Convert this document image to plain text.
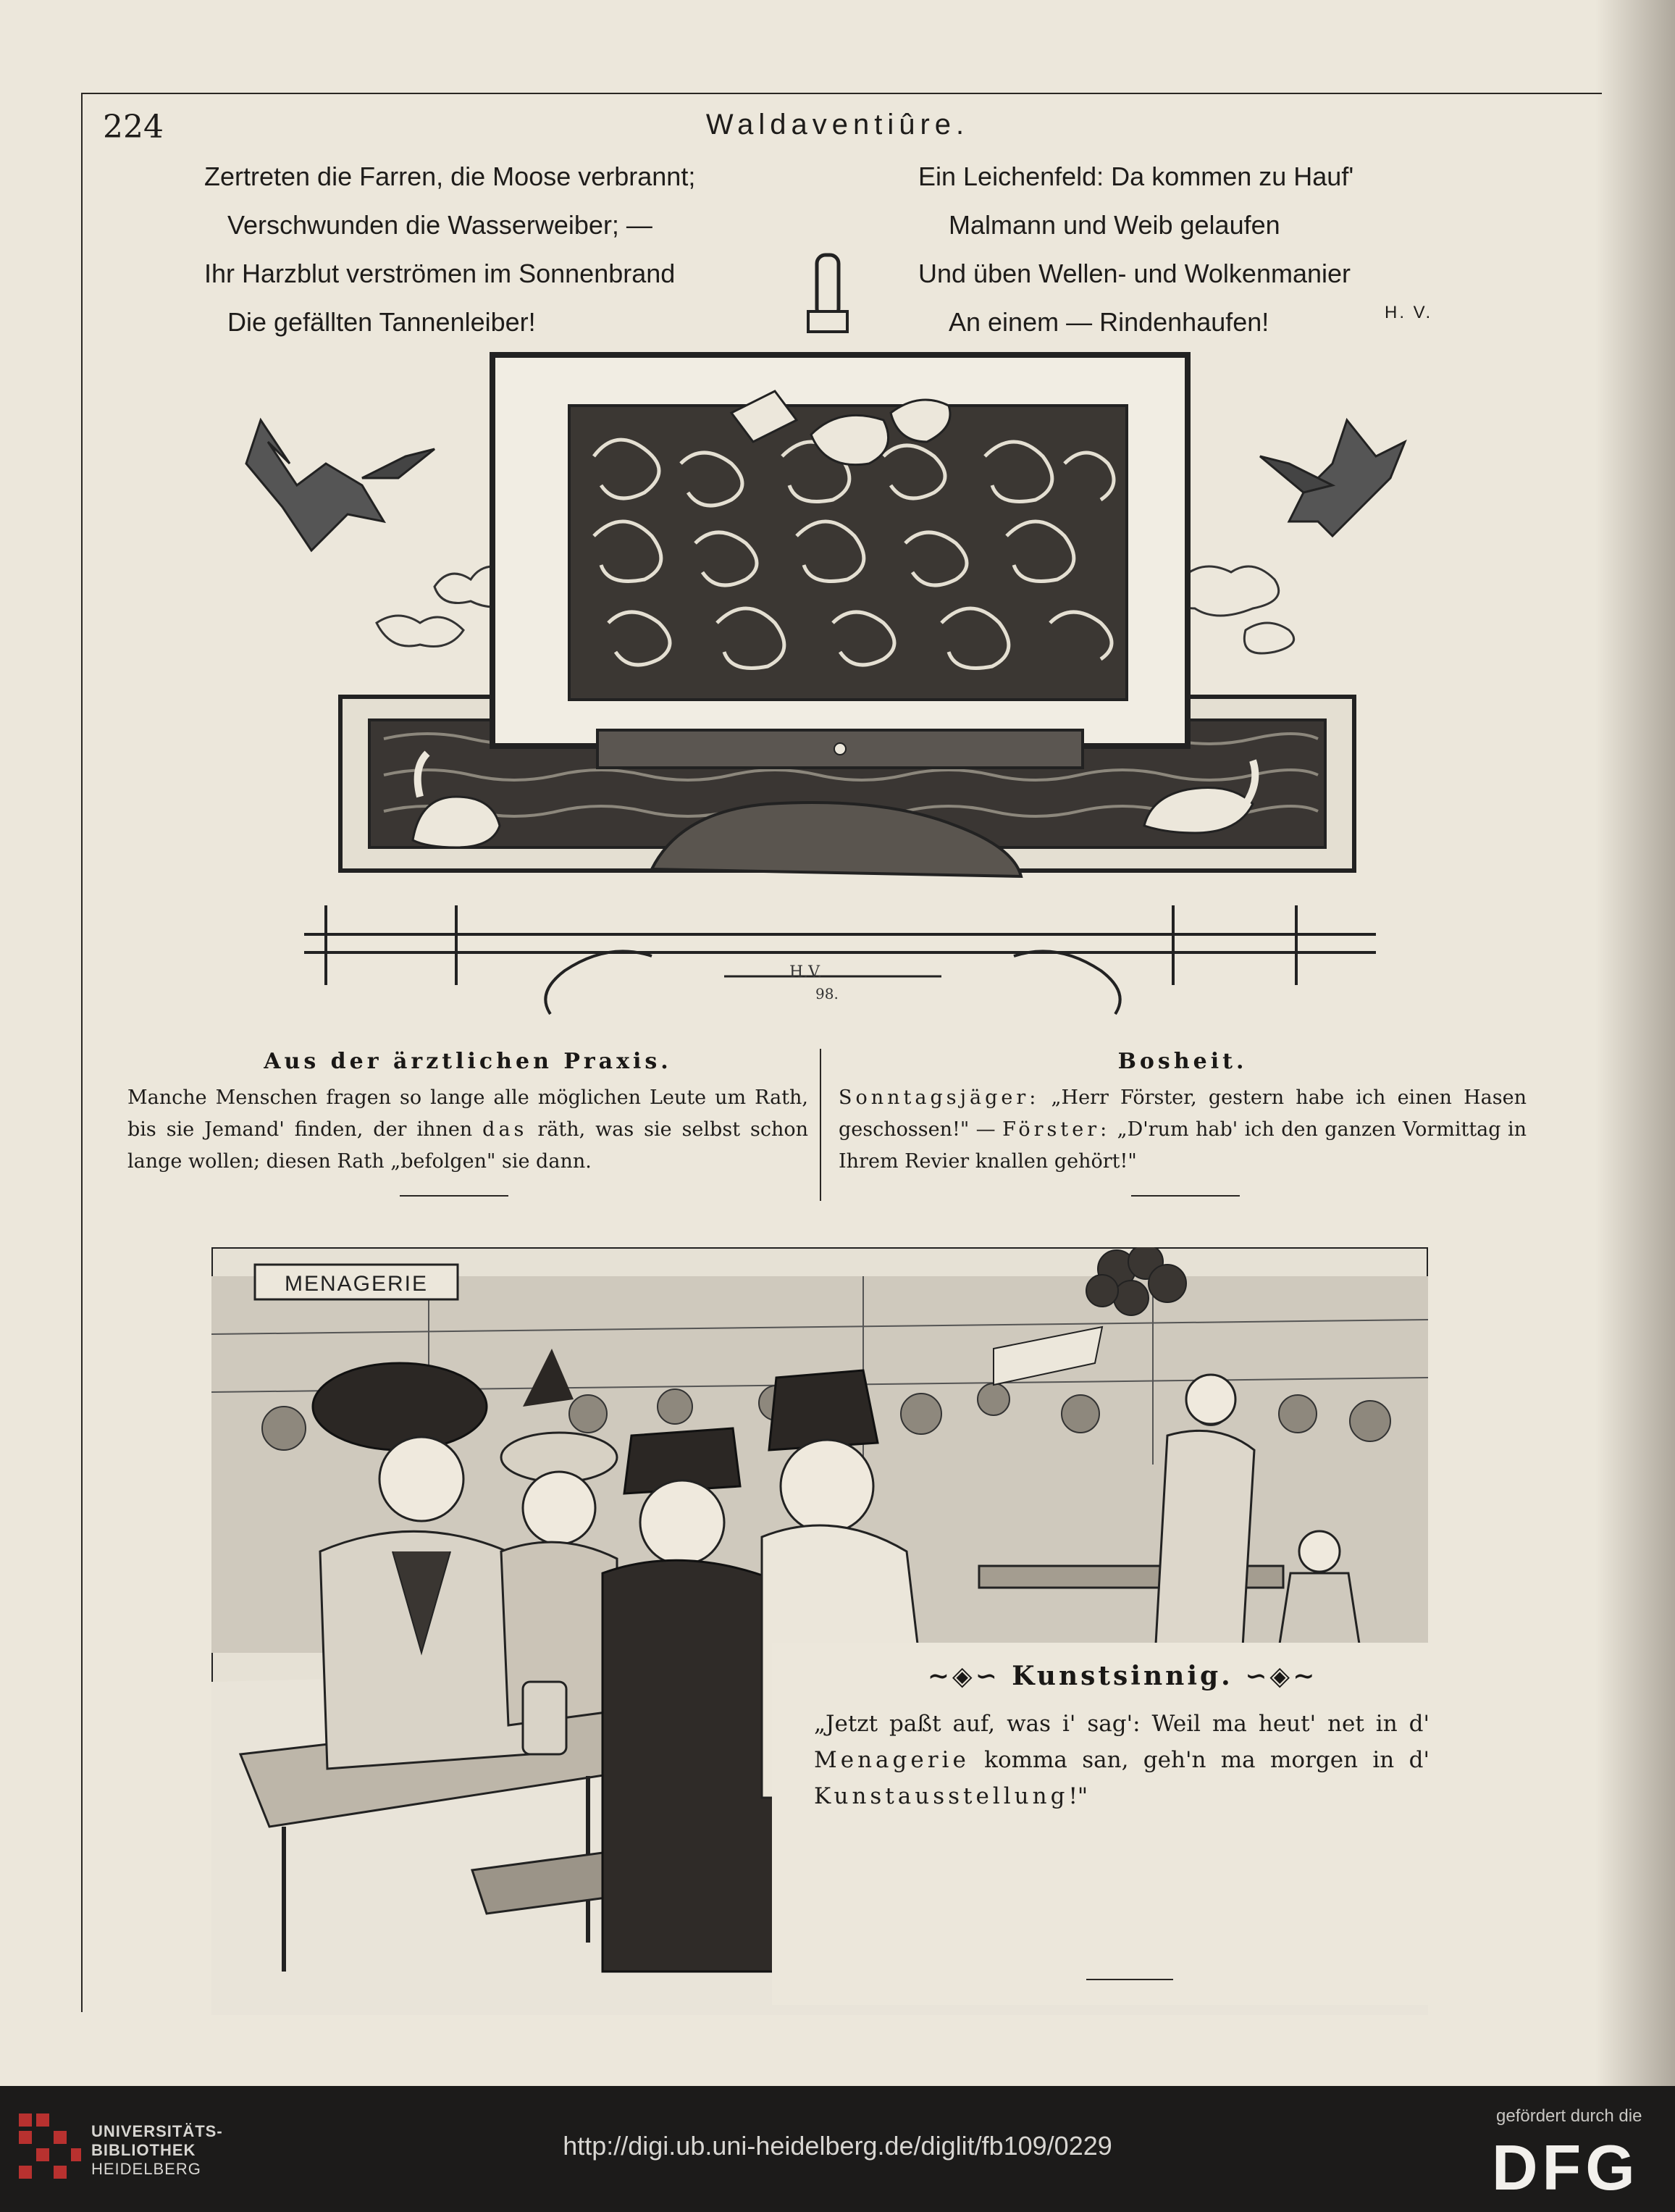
224	Waldaventiûre.
Zertreten die Farren, die Moose verbrannt;
Verschwunden die Wasserweiber; —
Ihr Harzblut verströmen im Sonnenbrand
Die gefällten Tannenleiber!
Ein Leichenfeld: Da kommen zu Hauf'
Malmann und Weib gelaufen
Und üben Wellen- und Wolkenmanier
An einem — Rindenhaufen!	H. V.
H.V.
98.
Aus der ärztlichen Praxis.
Manche Menschen fragen so lange alle möglichen Leute um Rath, bis sie Jemand' finden, der ihnen das räth, was sie selbst schon lange wollen; diesen Rath „befolgen" sie dann.
Bosheit.
Sonntagsjäger: „Herr Förster, gestern habe ich einen Hasen geschossen!" — Förster: „D'rum hab' ich den ganzen Vormittag in Ihrem Revier knallen gehört!"
MENAGERIE
∼◈∽ Kunstsinnig. ∽◈∼
„Jetzt paßt auf, was i' sag': Weil ma heut' net in d' Menagerie komma san, geh'n ma morgen in d' Kunstausstellung!"
UNIVERSITÄTS-
BIBLIOTHEK
HEIDELBERG
http://digi.ub.uni-heidelberg.de/diglit/fb109/0229
gefördert durch die
DFG
